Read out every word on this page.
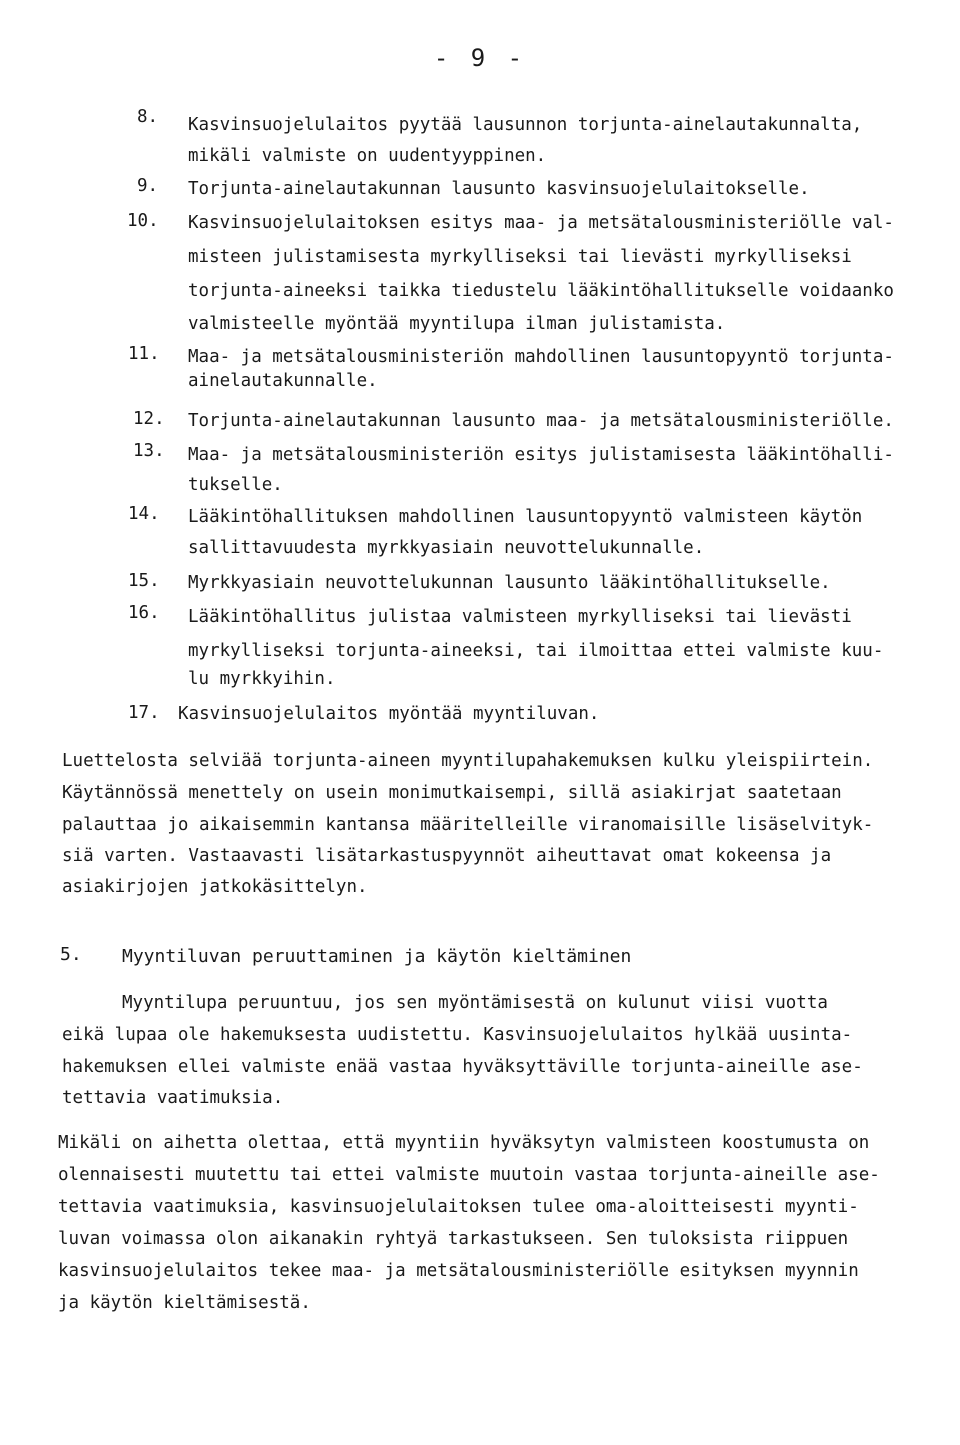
- 9 -
8. Kasvinsuojelulaitos pyytää lausunnon torjunta-ainelautakunnalta,
mikäli valmiste on uudentyyppinen.
9. Torjunta-ainelautakunnan lausunto kasvinsuojelulaitokselle.
10. Kasvinsuojelulaitoksen esitys maa- ja metsätalousministeriölle val-
misteen julistamisesta myrkylliseksi tai lievästi myrkylliseksi
torjunta-aineeksi taikka tiedustelu lääkintöhallitukselle voidaanko
valmisteelle myöntää myyntilupa ilman julistamista.
11. Maa- ja metsätalousministeriön mahdollinen lausuntopyyntö torjunta-
ainelautakunnalle.
12. Torjunta-ainelautakunnan lausunto maa- ja metsätalousministeriölle.
13. Maa- ja metsätalousministeriön esitys julistamisesta lääkintöhalli-
tukselle.
14. Lääkintöhallituksen mahdollinen lausuntopyyntö valmisteen käytön
sallittavuudesta myrkkyasiain neuvottelukunnalle.
15. Myrkkyasiain neuvottelukunnan lausunto lääkintöhallitukselle.
16. Lääkintöhallitus julistaa valmisteen myrkylliseksi tai lievästi
myrkylliseksi torjunta-aineeksi, tai ilmoittaa ettei valmiste kuu-
lu myrkkyihin.
17. Kasvinsuojelulaitos myöntää myyntiluvan.
Luettelosta selviää torjunta-aineen myyntilupahakemuksen kulku yleispiirtein.
Käytännössä menettely on usein monimutkaisempi, sillä asiakirjat saatetaan
palauttaa jo aikaisemmin kantansa määritelleille viranomaisille lisäselvityk-
siä varten. Vastaavasti lisätarkastuspyynnöt aiheuttavat omat kokeensa ja
asiakirjojen jatkokäsittelyn.
5. Myyntiluvan peruuttaminen ja käytön kieltäminen
Myyntilupa peruuntuu, jos sen myöntämisestä on kulunut viisi vuotta
eikä lupaa ole hakemuksesta uudistettu. Kasvinsuojelulaitos hylkää uusinta-
hakemuksen ellei valmiste enää vastaa hyväksyttäville torjunta-aineille ase-
tettavia vaatimuksia.
Mikäli on aihetta olettaa, että myyntiin hyväksytyn valmisteen koostumusta on
olennaisesti muutettu tai ettei valmiste muutoin vastaa torjunta-aineille ase-
tettavia vaatimuksia, kasvinsuojelulaitoksen tulee oma-aloitteisesti myynti-
luvan voimassa olon aikanakin ryhtyä tarkastukseen. Sen tuloksista riippuen
kasvinsuojelulaitos tekee maa- ja metsätalousministeriölle esityksen myynnin
ja käytön kieltämisestä.
